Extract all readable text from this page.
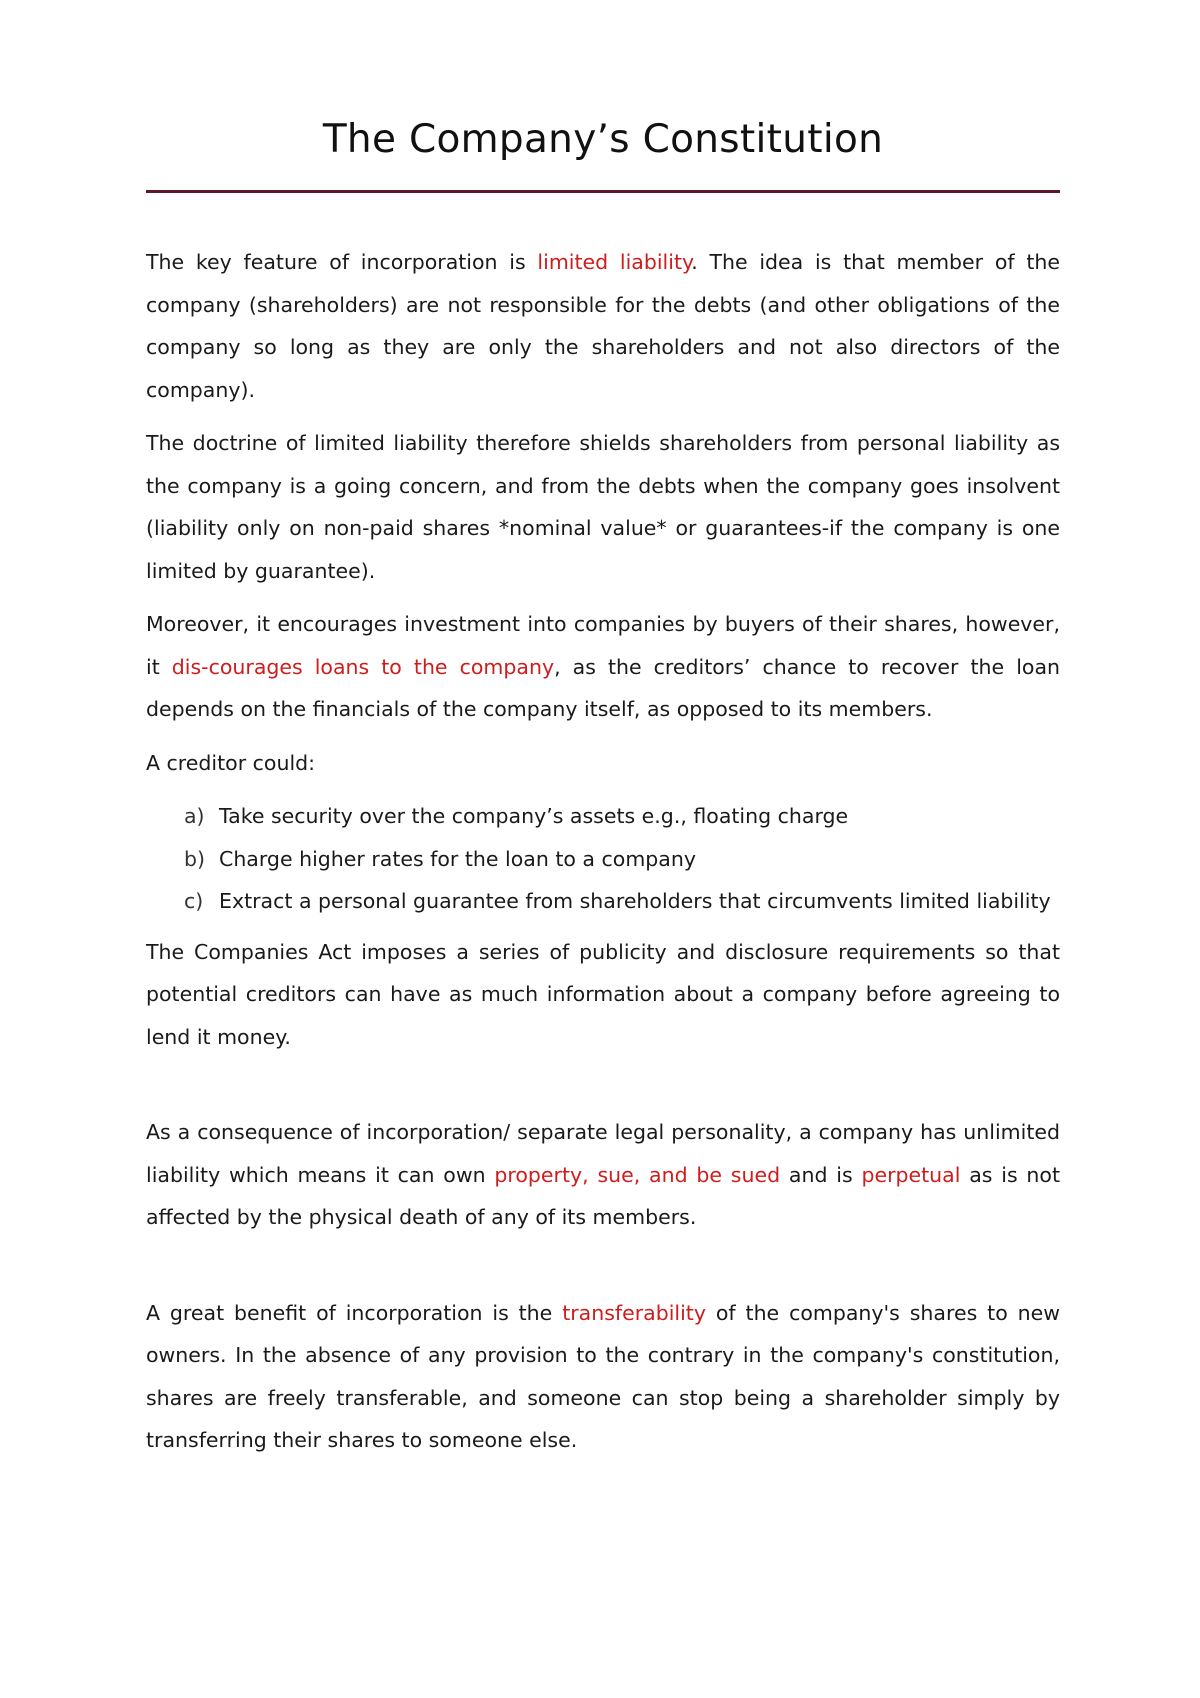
The Company’s Constitution

The key feature of incorporation is limited liability. The idea is that member of the company (shareholders) are not responsible for the debts (and other obligations of the company so long as they are only the shareholders and not also directors of the company).

The doctrine of limited liability therefore shields shareholders from personal liability as the company is a going concern, and from the debts when the company goes insolvent (liability only on non-paid shares *nominal value* or guarantees-if the company is one limited by guarantee).

Moreover, it encourages investment into companies by buyers of their shares, however, it dis-courages loans to the company, as the creditors’ chance to recover the loan depends on the financials of the company itself, as opposed to its members.

A creditor could:

a) Take security over the company’s assets e.g., floating charge
b) Charge higher rates for the loan to a company
c) Extract a personal guarantee from shareholders that circumvents limited liability

The Companies Act imposes a series of publicity and disclosure requirements so that potential creditors can have as much information about a company before agreeing to lend it money.

As a consequence of incorporation/ separate legal personality, a company has unlimited liability which means it can own property, sue, and be sued and is perpetual as is not affected by the physical death of any of its members.

A great benefit of incorporation is the transferability of the company's shares to new owners. In the absence of any provision to the contrary in the company's constitution, shares are freely transferable, and someone can stop being a shareholder simply by transferring their shares to someone else.
